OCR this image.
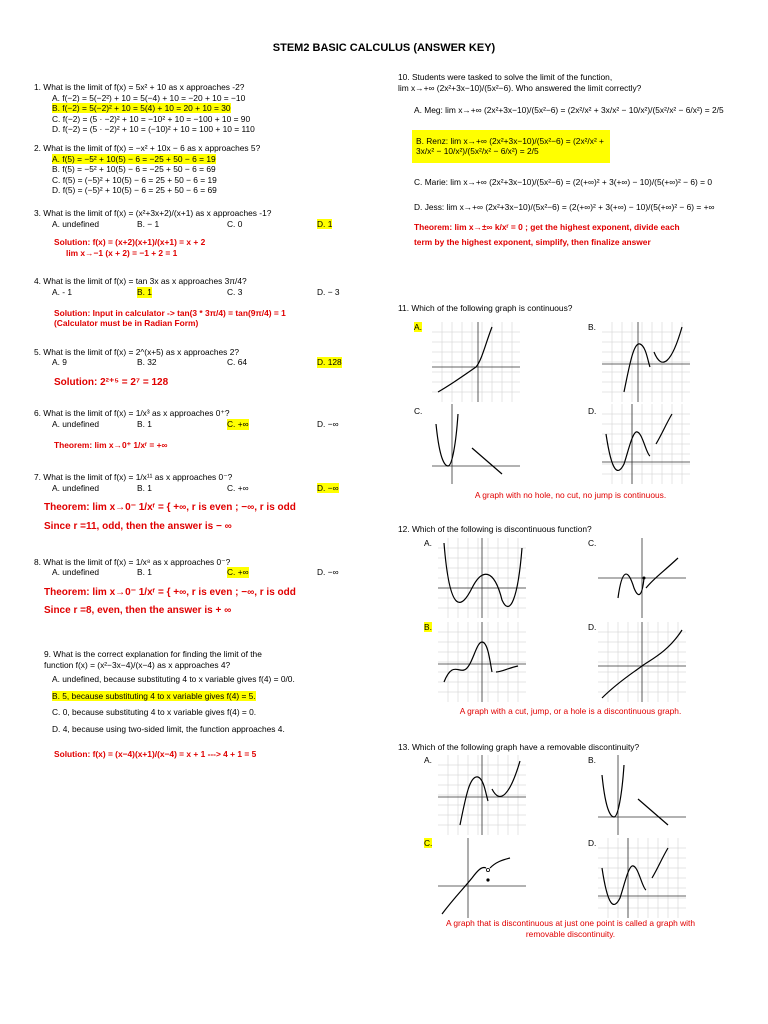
STEM2 BASIC CALCULUS (ANSWER KEY)
1. What is the limit of f(x) = 5x² + 10 as x approaches -2?
A. f(−2) = 5(−2²) + 10 = 5(−4) + 10 = −20 + 10 = −10
B. f(−2) = 5(−2)² + 10 = 5(4) + 10 = 20 + 10 = 30
C. f(−2) = (5 · −2)² + 10 = −10² + 10 = −100 + 10 = 90
D. f(−2) = (5 · −2)² + 10 = (−10)² + 10 = 100 + 10 = 110
2. What is the limit of f(x) = −x² + 10x − 6 as x approaches 5?
A. f(5) = −5² + 10(5) − 6 = −25 + 50 − 6 = 19
B. f(5) = −5² + 10(5) − 6 = −25 + 50 − 6 = 69
C. f(5) = (−5)² + 10(5) − 6 = 25 + 50 − 6 = 19
D. f(5) = (−5)² + 10(5) − 6 = 25 + 50 − 6 = 69
3. What is the limit of f(x) = (x²+3x+2)/(x+1) as x approaches -1?
A. undefined	B. − 1	C. 0	D. 1
Solution: f(x) = (x+2)(x+1)/(x+1) = x + 2
lim x→−1 (x + 2) = −1 + 2 = 1
4. What is the limit of f(x) = tan 3x as x approaches 3π/4?
A. - 1	B. 1	C. 3	D. − 3
Solution: Input in calculator -> tan(3 * 3π/4) = tan(9π/4) = 1
(Calculator must be in Radian Form)
5. What is the limit of f(x) = 2^(x+5) as x approaches 2?
A. 9	B. 32	C. 64	D. 128
Solution: 2²⁺⁵ = 2⁷ = 128
6. What is the limit of f(x) = 1/x³ as x approaches 0⁺?
A. undefined	B. 1	C. +∞	D. −∞
Theorem: lim x→0⁺ 1/xʳ = +∞
7. What is the limit of f(x) = 1/x¹¹ as x approaches 0⁻?
A. undefined	B. 1	C. +∞	D. −∞
Theorem: lim x→0⁻ 1/xʳ = { +∞, r is even ; −∞, r is odd
Since r =11, odd, then the answer is − ∞
8. What is the limit of f(x) = 1/x⁸ as x approaches 0⁻?
A. undefined	B. 1	C. +∞	D. −∞
Theorem: lim x→0⁻ 1/xʳ = { +∞, r is even ; −∞, r is odd
Since r =8, even, then the answer is + ∞
9. What is the correct explanation for finding the limit of the
function f(x) = (x²−3x−4)/(x−4) as x approaches 4?
A. undefined, because substituting 4 to x variable gives f(4) = 0/0.
B. 5, because substituting 4 to x variable gives f(4) = 5.
C. 0, because substituting 4 to x variable gives f(4) = 0.
D. 4, because using two-sided limit, the function approaches 4.
Solution: f(x) = (x−4)(x+1)/(x−4) = x + 1 ---> 4 + 1 = 5
10. Students were tasked to solve the limit of the function,
lim x→+∞ (2x²+3x−10)/(5x²−6). Who answered the limit correctly?
A. Meg: lim x→+∞ (2x²+3x−10)/(5x²−6) = (2x²/x² + 3x/x² − 10/x²)/(5x²/x² − 6/x²) = 2/5
B. Renz: lim x→+∞ (2x²+3x−10)/(5x²−6) = (2x²/x² + 3x/x² − 10/x²)/(5x²/x² − 6/x²) = 2/5
C. Marie: lim x→+∞ (2x²+3x−10)/(5x²−6) = (2(+∞)² + 3(+∞) − 10)/(5(+∞)² − 6) = 0
D. Jess: lim x→+∞ (2x²+3x−10)/(5x²−6) = (2(+∞)² + 3(+∞) − 10)/(5(+∞)² − 6) = +∞
Theorem: lim x→±∞ k/xʳ = 0 ; get the highest exponent, divide each
term by the highest exponent, simplify, then finalize answer
11. Which of the following graph is continuous?
A.	B.
C.	D.
A graph with no hole, no cut, no jump is continuous.
12. Which of the following is discontinuous function?
A.	C.
B.	D.
A graph with a cut, jump, or a hole is a discontinuous graph.
13. Which of the following graph have a removable discontinuity?
A.	B.
C.	D.
A graph that is discontinuous at just one point is called a graph with
removable discontinuity.
